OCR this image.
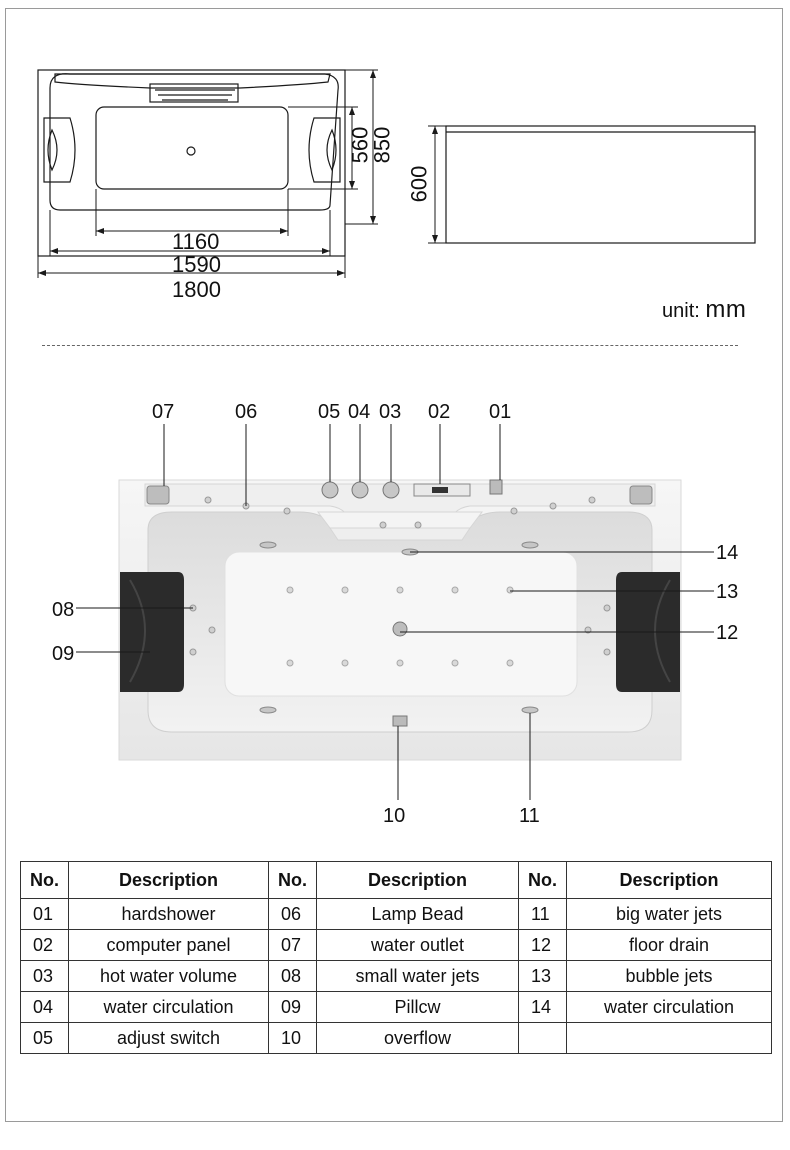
1160
1590
1800
560
850
600
unit: mm
07	06	05 04 03 02 01
08
09
14
13
12
10	11
No.	Description	No.	Description	No.	Description
01	hardshower	06	Lamp Bead	11	big water jets
02	computer panel	07	water outlet	12	floor drain
03	hot water volume	08	small water jets	13	bubble jets
04	water circulation	09	Pillcw	14	water circulation
05	adjust switch	10	overflow		
